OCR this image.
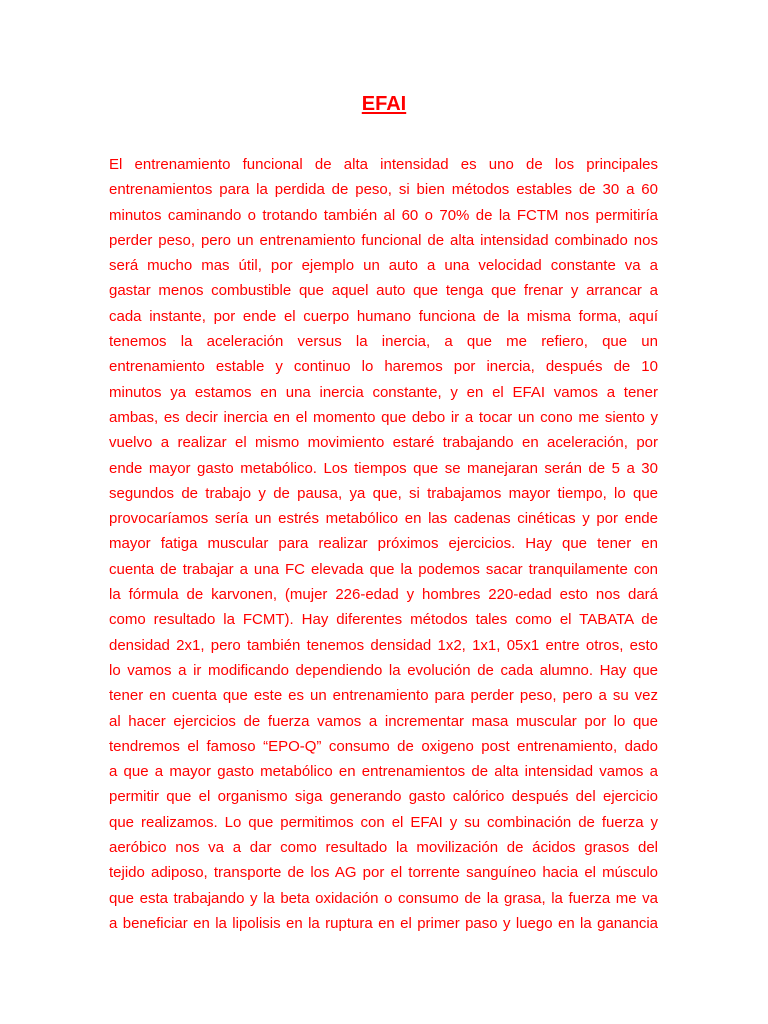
EFAI
El entrenamiento funcional de alta intensidad es uno de los principales
entrenamientos para la perdida de peso, si bien métodos estables de 30 a 60
minutos caminando o trotando también al 60 o 70% de la FCTM nos permitiría
perder peso, pero un entrenamiento funcional de alta intensidad combinado nos
será mucho mas útil, por ejemplo un auto a una velocidad constante va a
gastar menos combustible que aquel auto que tenga que frenar y arrancar a
cada instante, por ende el cuerpo humano funciona de la misma forma, aquí
tenemos la aceleración versus la inercia, a que me refiero, que un
entrenamiento estable y continuo lo haremos por inercia, después de 10
minutos ya estamos en una inercia constante, y en el EFAI vamos a tener
ambas, es decir inercia en el momento que debo ir a tocar un cono me siento y
vuelvo a realizar el mismo movimiento estaré trabajando en aceleración, por
ende mayor gasto metabólico. Los tiempos que se manejaran serán de 5 a 30
segundos de trabajo y de pausa, ya que, si trabajamos mayor tiempo, lo que
provocaríamos sería un estrés metabólico en las cadenas cinéticas y por ende
mayor fatiga muscular para realizar próximos ejercicios. Hay que tener en
cuenta de trabajar a una FC elevada que la podemos sacar tranquilamente con
la fórmula de karvonen, (mujer 226-edad y hombres 220-edad esto nos dará
como resultado la FCMT). Hay diferentes métodos tales como el TABATA de
densidad 2x1, pero también tenemos densidad 1x2, 1x1, 05x1 entre otros, esto
lo vamos a ir modificando dependiendo la evolución de cada alumno. Hay que
tener en cuenta que este es un entrenamiento para perder peso, pero a su vez
al hacer ejercicios de fuerza vamos a incrementar masa muscular por lo que
tendremos el famoso “EPO-Q” consumo de oxigeno post entrenamiento, dado
a que a mayor gasto metabólico en entrenamientos de alta intensidad vamos a
permitir que el organismo siga generando gasto calórico después del ejercicio
que realizamos. Lo que permitimos con el EFAI y su combinación de fuerza y
aeróbico nos va a dar como resultado la movilización de ácidos grasos del
tejido adiposo, transporte de los AG por el torrente sanguíneo hacia el músculo
que esta trabajando y la beta oxidación o consumo de la grasa, la fuerza me va
a beneficiar en la lipolisis en la ruptura en el primer paso y luego en la ganancia
